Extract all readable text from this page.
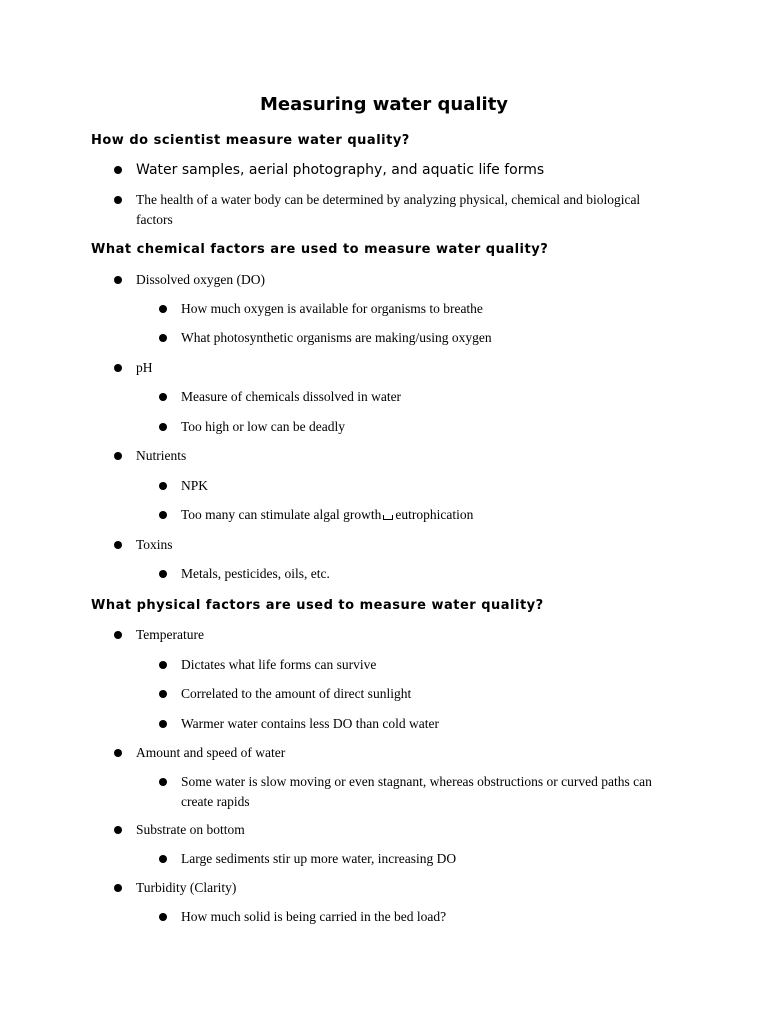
Measuring water quality
How do scientist measure water quality?
Water samples, aerial photography, and aquatic life forms
The health of a water body can be determined by analyzing physical, chemical and biological factors
What chemical factors are used to measure water quality?
Dissolved oxygen (DO)
How much oxygen is available for organisms to breathe
What photosynthetic organisms are making/using oxygen
pH
Measure of chemicals dissolved in water
Too high or low can be deadly
Nutrients
NPK
Too many can stimulate algal growth eutrophication
Toxins
Metals, pesticides, oils, etc.
What physical factors are used to measure water quality?
Temperature
Dictates what life forms can survive
Correlated to the amount of direct sunlight
Warmer water contains less DO than cold water
Amount and speed of water
Some water is slow moving or even stagnant, whereas obstructions or curved paths can create rapids
Substrate on bottom
Large sediments stir up more water, increasing DO
Turbidity (Clarity)
How much solid is being carried in the bed load?
